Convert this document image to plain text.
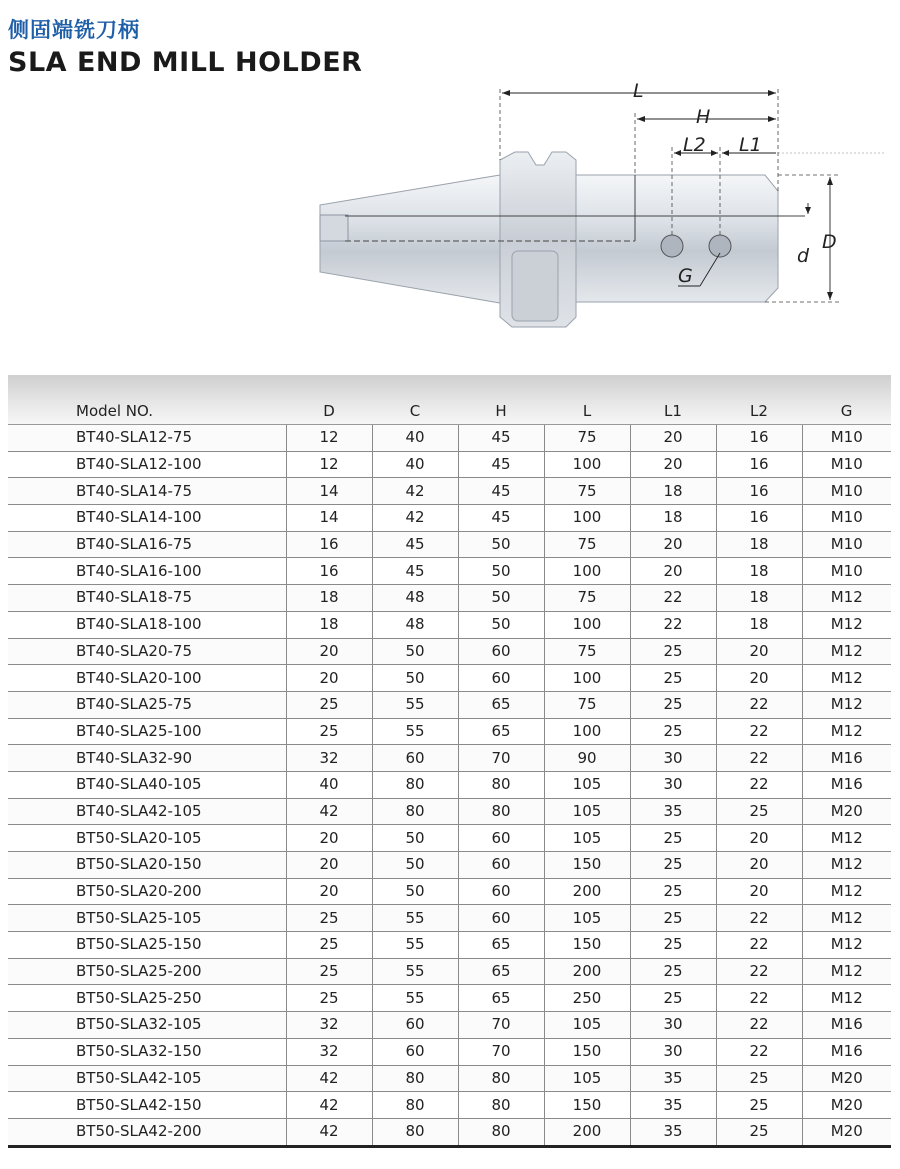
侧固端铣刀柄
SLA END MILL HOLDER
L
H
L2 L1
D
d
G
Model NO.	D	C	H	L	L1	L2	G
BT40-SLA12-75	12	40	45	75	20	16	M10
BT40-SLA12-100	12	40	45	100	20	16	M10
BT40-SLA14-75	14	42	45	75	18	16	M10
BT40-SLA14-100	14	42	45	100	18	16	M10
BT40-SLA16-75	16	45	50	75	20	18	M10
BT40-SLA16-100	16	45	50	100	20	18	M10
BT40-SLA18-75	18	48	50	75	22	18	M12
BT40-SLA18-100	18	48	50	100	22	18	M12
BT40-SLA20-75	20	50	60	75	25	20	M12
BT40-SLA20-100	20	50	60	100	25	20	M12
BT40-SLA25-75	25	55	65	75	25	22	M12
BT40-SLA25-100	25	55	65	100	25	22	M12
BT40-SLA32-90	32	60	70	90	30	22	M16
BT40-SLA40-105	40	80	80	105	30	22	M16
BT40-SLA42-105	42	80	80	105	35	25	M20
BT50-SLA20-105	20	50	60	105	25	20	M12
BT50-SLA20-150	20	50	60	150	25	20	M12
BT50-SLA20-200	20	50	60	200	25	20	M12
BT50-SLA25-105	25	55	60	105	25	22	M12
BT50-SLA25-150	25	55	65	150	25	22	M12
BT50-SLA25-200	25	55	65	200	25	22	M12
BT50-SLA25-250	25	55	65	250	25	22	M12
BT50-SLA32-105	32	60	70	105	30	22	M16
BT50-SLA32-150	32	60	70	150	30	22	M16
BT50-SLA42-105	42	80	80	105	35	25	M20
BT50-SLA42-150	42	80	80	150	35	25	M20
BT50-SLA42-200	42	80	80	200	35	25	M20
